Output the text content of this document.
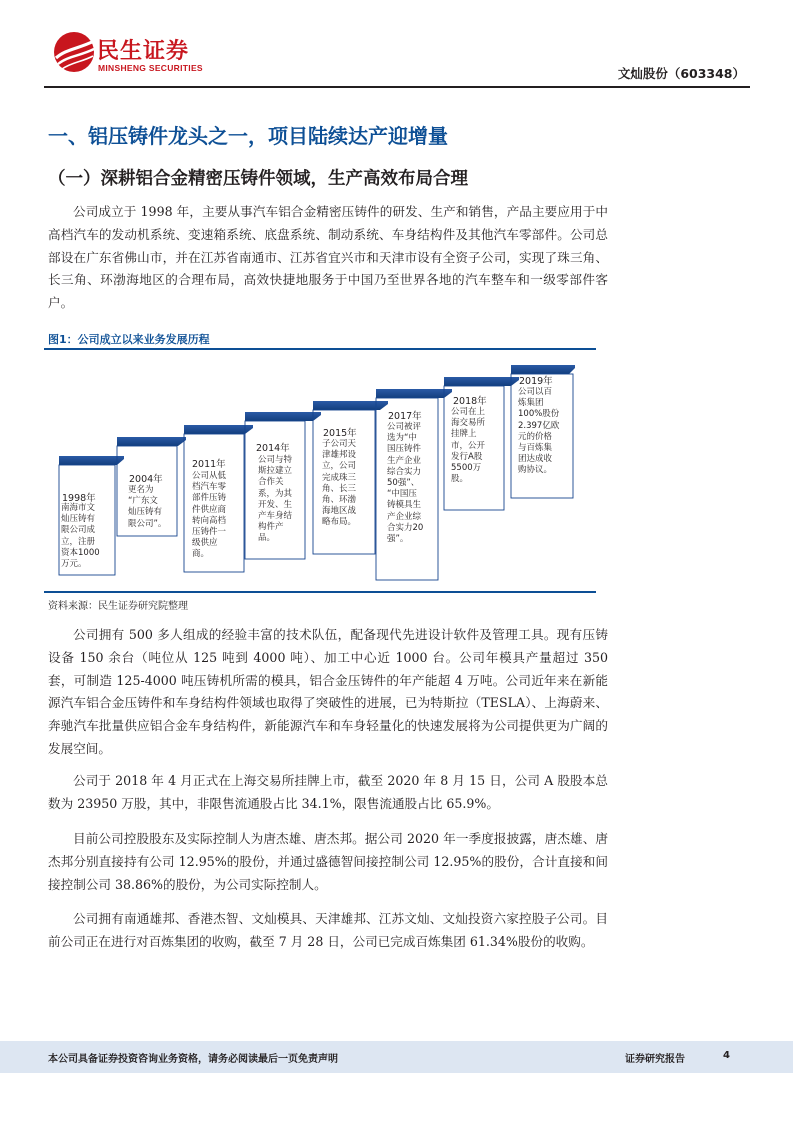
民生证券
MINSHENG SECURITIES	文灿股份（603348）
一、铝压铸件龙头之一，项目陆续达产迎增量
（一）深耕铝合金精密压铸件领域，生产高效布局合理
公司成立于 1998 年，主要从事汽车铝合金精密压铸件的研发、生产和销售，产品主要应用于中高档汽车的发动机系统、变速箱系统、底盘系统、制动系统、车身结构件及其他汽车零部件。公司总部设在广东省佛山市，并在江苏省南通市、江苏省宜兴市和天津市设有全资子公司，实现了珠三角、长三角、环渤海地区的合理布局，高效快捷地服务于中国乃至世界各地的汽车整车和一级零部件客户。
图1：公司成立以来业务发展历程
1998年
南海市文
灿压铸有
限公司成
立，注册
资本1000
万元。
2004年
更名为
“广东文
灿压铸有
限公司”。
2011年
公司从低
档汽车零
部件压铸
件供应商
转向高档
压铸件一
级供应
商。
2014年
公司与特
斯拉建立
合作关
系，为其
开发、生
产车身结
构件产
品。
2015年
子公司天
津雄邦设
立，公司
完成珠三
角、长三
角、环渤
海地区战
略布局。
2017年
公司被评
选为“中
国压铸件
生产企业
综合实力
50强”、
“中国压
铸模具生
产企业综
合实力20
强”。
2018年
公司在上
海交易所
挂牌上
市，公开
发行A股
5500万
股。
2019年
公司以百
炼集团
100%股份
2.397亿欧
元的价格
与百炼集
团达成收
购协议。
资料来源：民生证券研究院整理
公司拥有 500 多人组成的经验丰富的技术队伍，配备现代先进设计软件及管理工具。现有压铸设备 150 余台（吨位从 125 吨到 4000 吨）、加工中心近 1000 台。公司年模具产量超过 350 套，可制造 125-4000 吨压铸机所需的模具，铝合金压铸件的年产能超 4 万吨。公司近年来在新能源汽车铝合金压铸件和车身结构件领域也取得了突破性的进展，已为特斯拉（TESLA）、上海蔚来、奔驰汽车批量供应铝合金车身结构件，新能源汽车和车身轻量化的快速发展将为公司提供更为广阔的发展空间。
公司于 2018 年 4 月正式在上海交易所挂牌上市，截至 2020 年 8 月 15 日，公司 A 股股本总数为 23950 万股，其中，非限售流通股占比 34.1%，限售流通股占比 65.9%。
目前公司控股股东及实际控制人为唐杰雄、唐杰邦。据公司 2020 年一季度报披露，唐杰雄、唐杰邦分别直接持有公司 12.95%的股份，并通过盛德智间接控制公司 12.95%的股份，合计直接和间接控制公司 38.86%的股份，为公司实际控制人。
公司拥有南通雄邦、香港杰智、文灿模具、天津雄邦、江苏文灿、文灿投资六家控股子公司。目前公司正在进行对百炼集团的收购，截至 7 月 28 日，公司已完成百炼集团 61.34%股份的收购。
本公司具备证券投资咨询业务资格，请务必阅读最后一页免责声明	证券研究报告	4
